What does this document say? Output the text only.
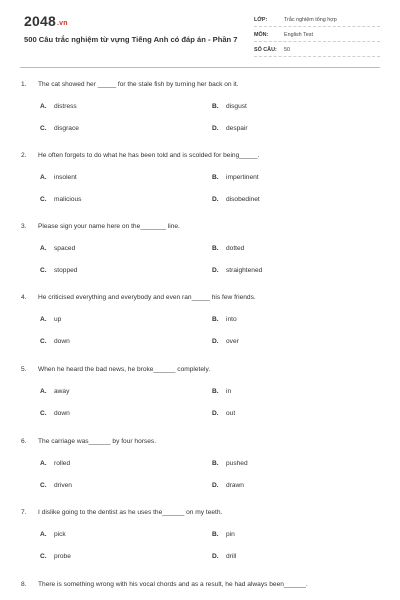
2048.vn
500 Câu trắc nghiệm từ vựng Tiếng Anh có đáp án - Phần 7
LỚP:	Trắc nghiệm tổng hợp
MÔN:	English Test
SỐ CÂU: 50
1. The cat showed her _____ for the stale fish by turning her back on it.
A. distress	B. disgust
C. disgrace	D. despair
2. He often forgets to do what he has been told and is scolded for being_____.
A. insolent	B. impertinent
C. malicious	D. disobedinet
3. Please sign your name here on the_______ line.
A. spaced	B. dotted
C. stopped	D. straightened
4. He criticised everything and everybody and even ran_____ his few friends.
A. up	B. into
C. down	D. over
5. When he heard the bad news, he broke______ completely.
A. away	B. in
C. down	D. out
6. The carriage was______ by four horses.
A. rolled	B. pushed
C. driven	D. drawn
7. I dislike going to the dentist as he uses the______ on my teeth.
A. pick	B. pin
C. probe	D. drill
8. There is something wrong with his vocal chords and as a result, he had always been______.
